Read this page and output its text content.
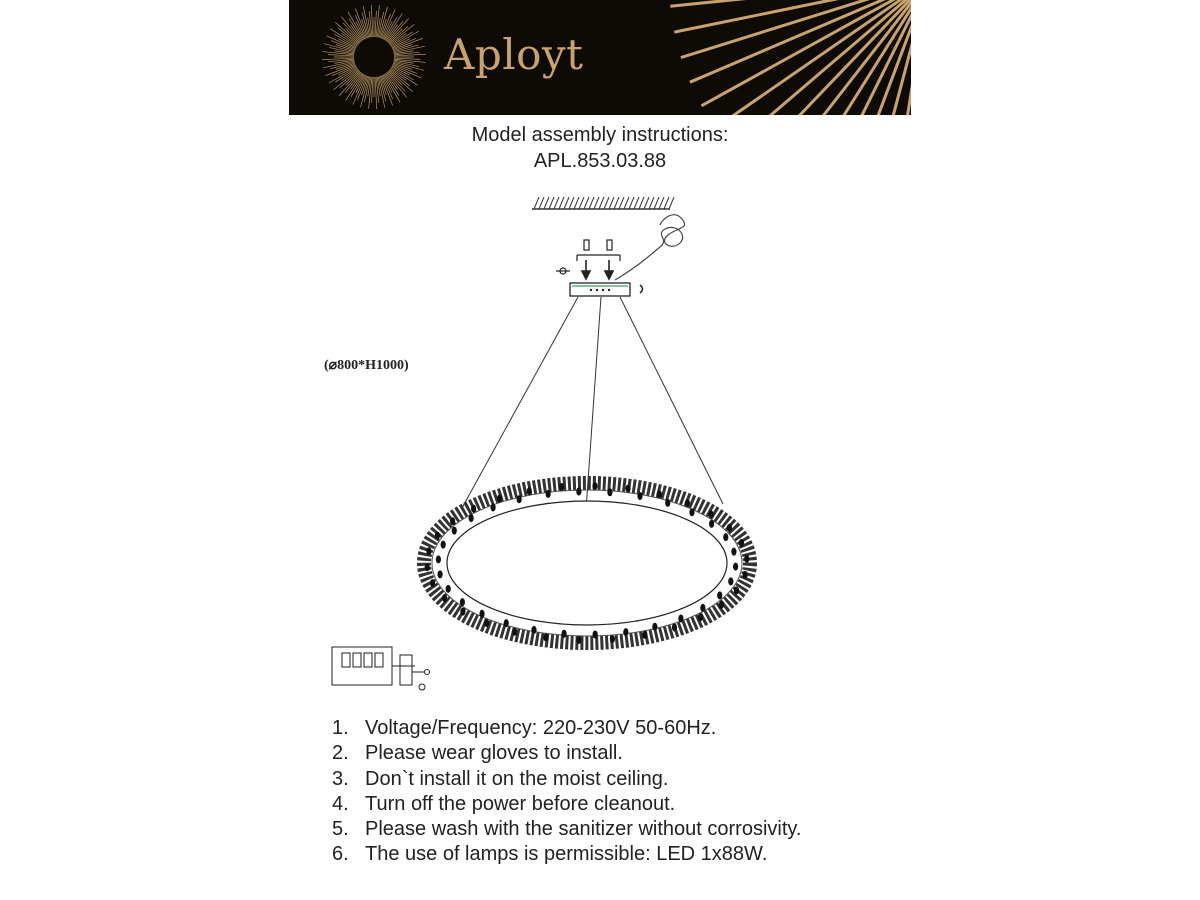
Aployt
Model assembly instructions:
APL.853.03.88
(⌀800*H1000)
1. Voltage/Frequency: 220-230V 50-60Hz.
2. Please wear gloves to install.
3. Don`t install it on the moist ceiling.
4. Turn off the power before cleanout.
5. Please wash with the sanitizer without corrosivity.
6. The use of lamps is permissible: LED 1x88W.
